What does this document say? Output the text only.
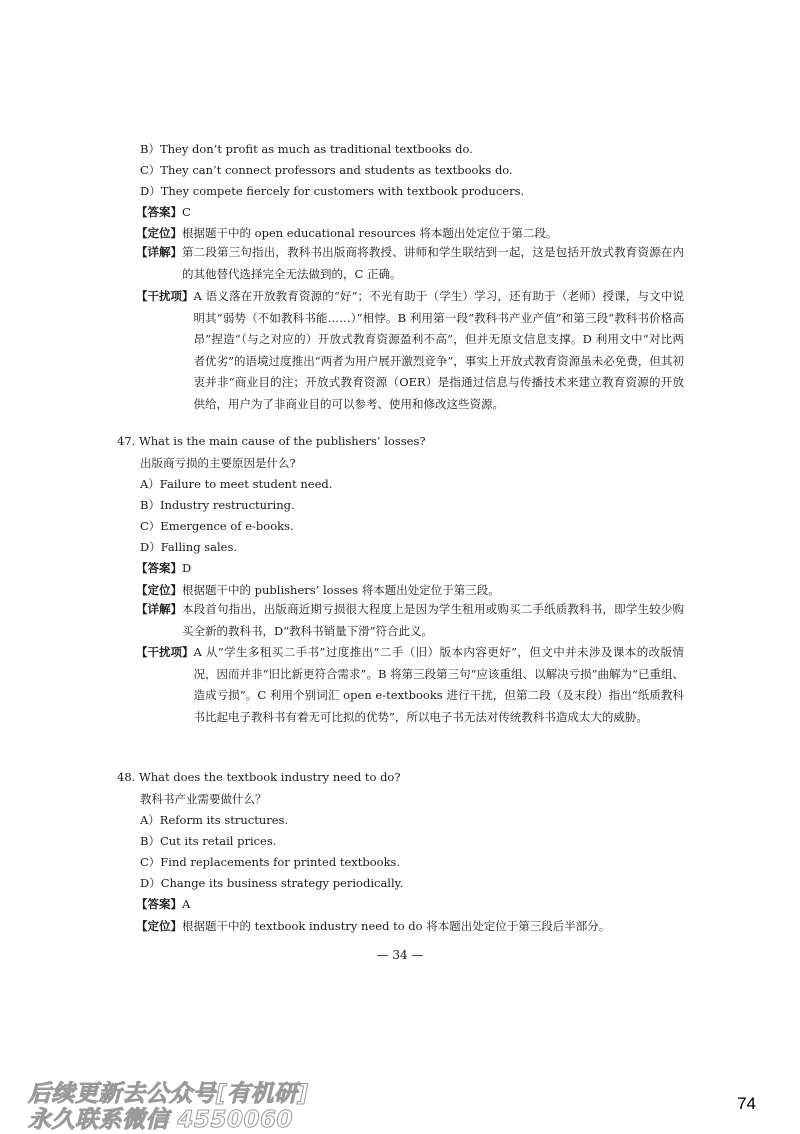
B）They don’t profit as much as traditional textbooks do.
C）They can’t connect professors and students as textbooks do.
D）They compete fiercely for customers with textbook producers.
【答案】C
【定位】根据题干中的 open educational resources 将本题出处定位于第二段。
【详解】 第二段第三句指出，教科书出版商将教授、讲师和学生联结到一起，这是包括开放式教育资源在内的其他替代选择完全无法做到的，C 正确。
【干扰项】 A 语义落在开放教育资源的“好”；不光有助于（学生）学习，还有助于（老师）授课，与文中说明其“弱势（不如教科书能……）”相悖。B 利用第一段“教科书产业产值”和第三段“教科书价格高昂”捏造“（与之对应的）开放式教育资源盈利不高”，但并无原文信息支撑。D 利用文中“对比两者优劣”的语境过度推出“两者为用户展开激烈竞争”，事实上开放式教育资源虽未必免费，但其初衷并非“商业目的注；开放式教育资源（OER）是指通过信息与传播技术来建立教育资源的开放供给，用户为了非商业目的可以参考、使用和修改这些资源。
47. What is the main cause of the publishers’ losses?
出版商亏损的主要原因是什么?
A）Failure to meet student need.
B）Industry restructuring.
C）Emergence of e-books.
D）Falling sales.
【答案】D
【定位】根据题干中的 publishers’ losses 将本题出处定位于第三段。
【详解】 本段首句指出，出版商近期亏损很大程度上是因为学生租用或购买二手纸质教科书，即学生较少购买全新的教科书，D“教科书销量下滑”符合此义。
【干扰项】 A 从“学生多租买二手书”过度推出“二手（旧）版本内容更好”，但文中并未涉及课本的改版情况，因而并非“旧比新更符合需求”。B 将第三段第三句“应该重组、以解决亏损”曲解为“已重组、造成亏损”。C 利用个别词汇 open e-textbooks 进行干扰，但第二段（及末段）指出“纸质教科书比起电子教科书有着无可比拟的优势”，所以电子书无法对传统教科书造成太大的威胁。
48. What does the textbook industry need to do?
教科书产业需要做什么？
A）Reform its structures.
B）Cut its retail prices.
C）Find replacements for printed textbooks.
D）Change its business strategy periodically.
【答案】A
【定位】根据题干中的 textbook industry need to do 将本题出处定位于第三段后半部分。
— 34 —
后续更新去公众号[有机研]
永久联系微信 4550060
74
